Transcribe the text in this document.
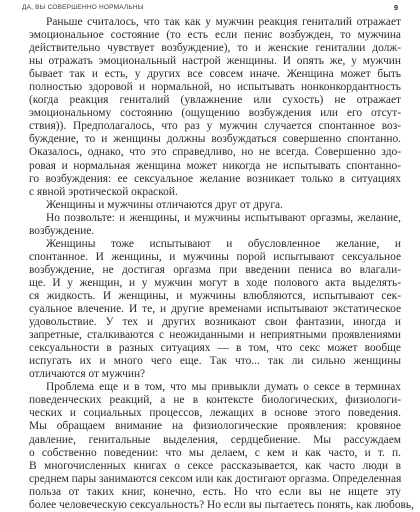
ДА, ВЫ СОВЕРШЕННО НОРМАЛЬНЫ	9
Раньше считалось, что так как у мужчин реакция гениталий отражает
эмоциональное состояние (то есть если пенис возбужден, то мужчина
действительно чувствует возбуждение), то и женские гениталии долж-
ны отражать эмоциональный настрой женщины. И опять же, у мужчин
бывает так и есть, у других все совсем иначе. Женщина может быть
полностью здоровой и нормальной, но испытывать нонконкордантность
(когда реакция гениталий (увлажнение или сухость) не отражает
эмоциональному состоянию (ощущению возбуждения или его отсут-
ствия)). Предполагалось, что раз у мужчин случается спонтанное воз-
буждение, то и женщины должны возбуждаться совершенно спонтанно.
Оказалось, однако, что это справедливо, но не всегда. Совершенно здо-
ровая и нормальная женщина может никогда не испытывать спонтанно-
го возбуждения: ее сексуальное желание возникает только в ситуациях
с явной эротической окраской.
Женщины и мужчины отличаются друг от друга.
Но позвольте: и женщины, и мужчины испытывают оргазмы, желание,
возбуждение.
Женщины тоже испытывают и обусловленное желание, и
спонтанное. И женщины, и мужчины порой испытывают сексуальное
возбуждение, не достигая оргазма при введении пениса во влагали-
ще. И у женщин, и у мужчин могут в ходе полового акта выделять-
ся жидкость. И женщины, и мужчины влюбляются, испытывают сек-
суальное влечение. И те, и другие временами испытывают экстатическое
удовольствие. У тех и других возникают свои фантазии, иногда и
запретные, сталкиваются с неожиданными и неприятными проявлениями
сексуальности в разных ситуациях — в том, что секс может вообще
испугать их и много чего еще. Так что... так ли сильно женщины
отличаются от мужчин?
Проблема еще и в том, что мы привыкли думать о сексе в терминах
поведенческих реакций, а не в контексте биологических, физиологи-
ческих и социальных процессов, лежащих в основе этого поведения.
Мы обращаем внимание на физиологические проявления: кровяное
давление, генитальные выделения, сердцебиение. Мы рассуждаем
о собственно поведении: что мы делаем, с кем и как часто, и т. п.
В многочисленных книгах о сексе рассказывается, как часто люди в
среднем пары занимаются сексом или как достигают оргазма. Определенная
польза от таких книг, конечно, есть. Но что если вы не ищете эту
более человеческую сексуальность? Но если вы пытаетесь понять, как любовь,
